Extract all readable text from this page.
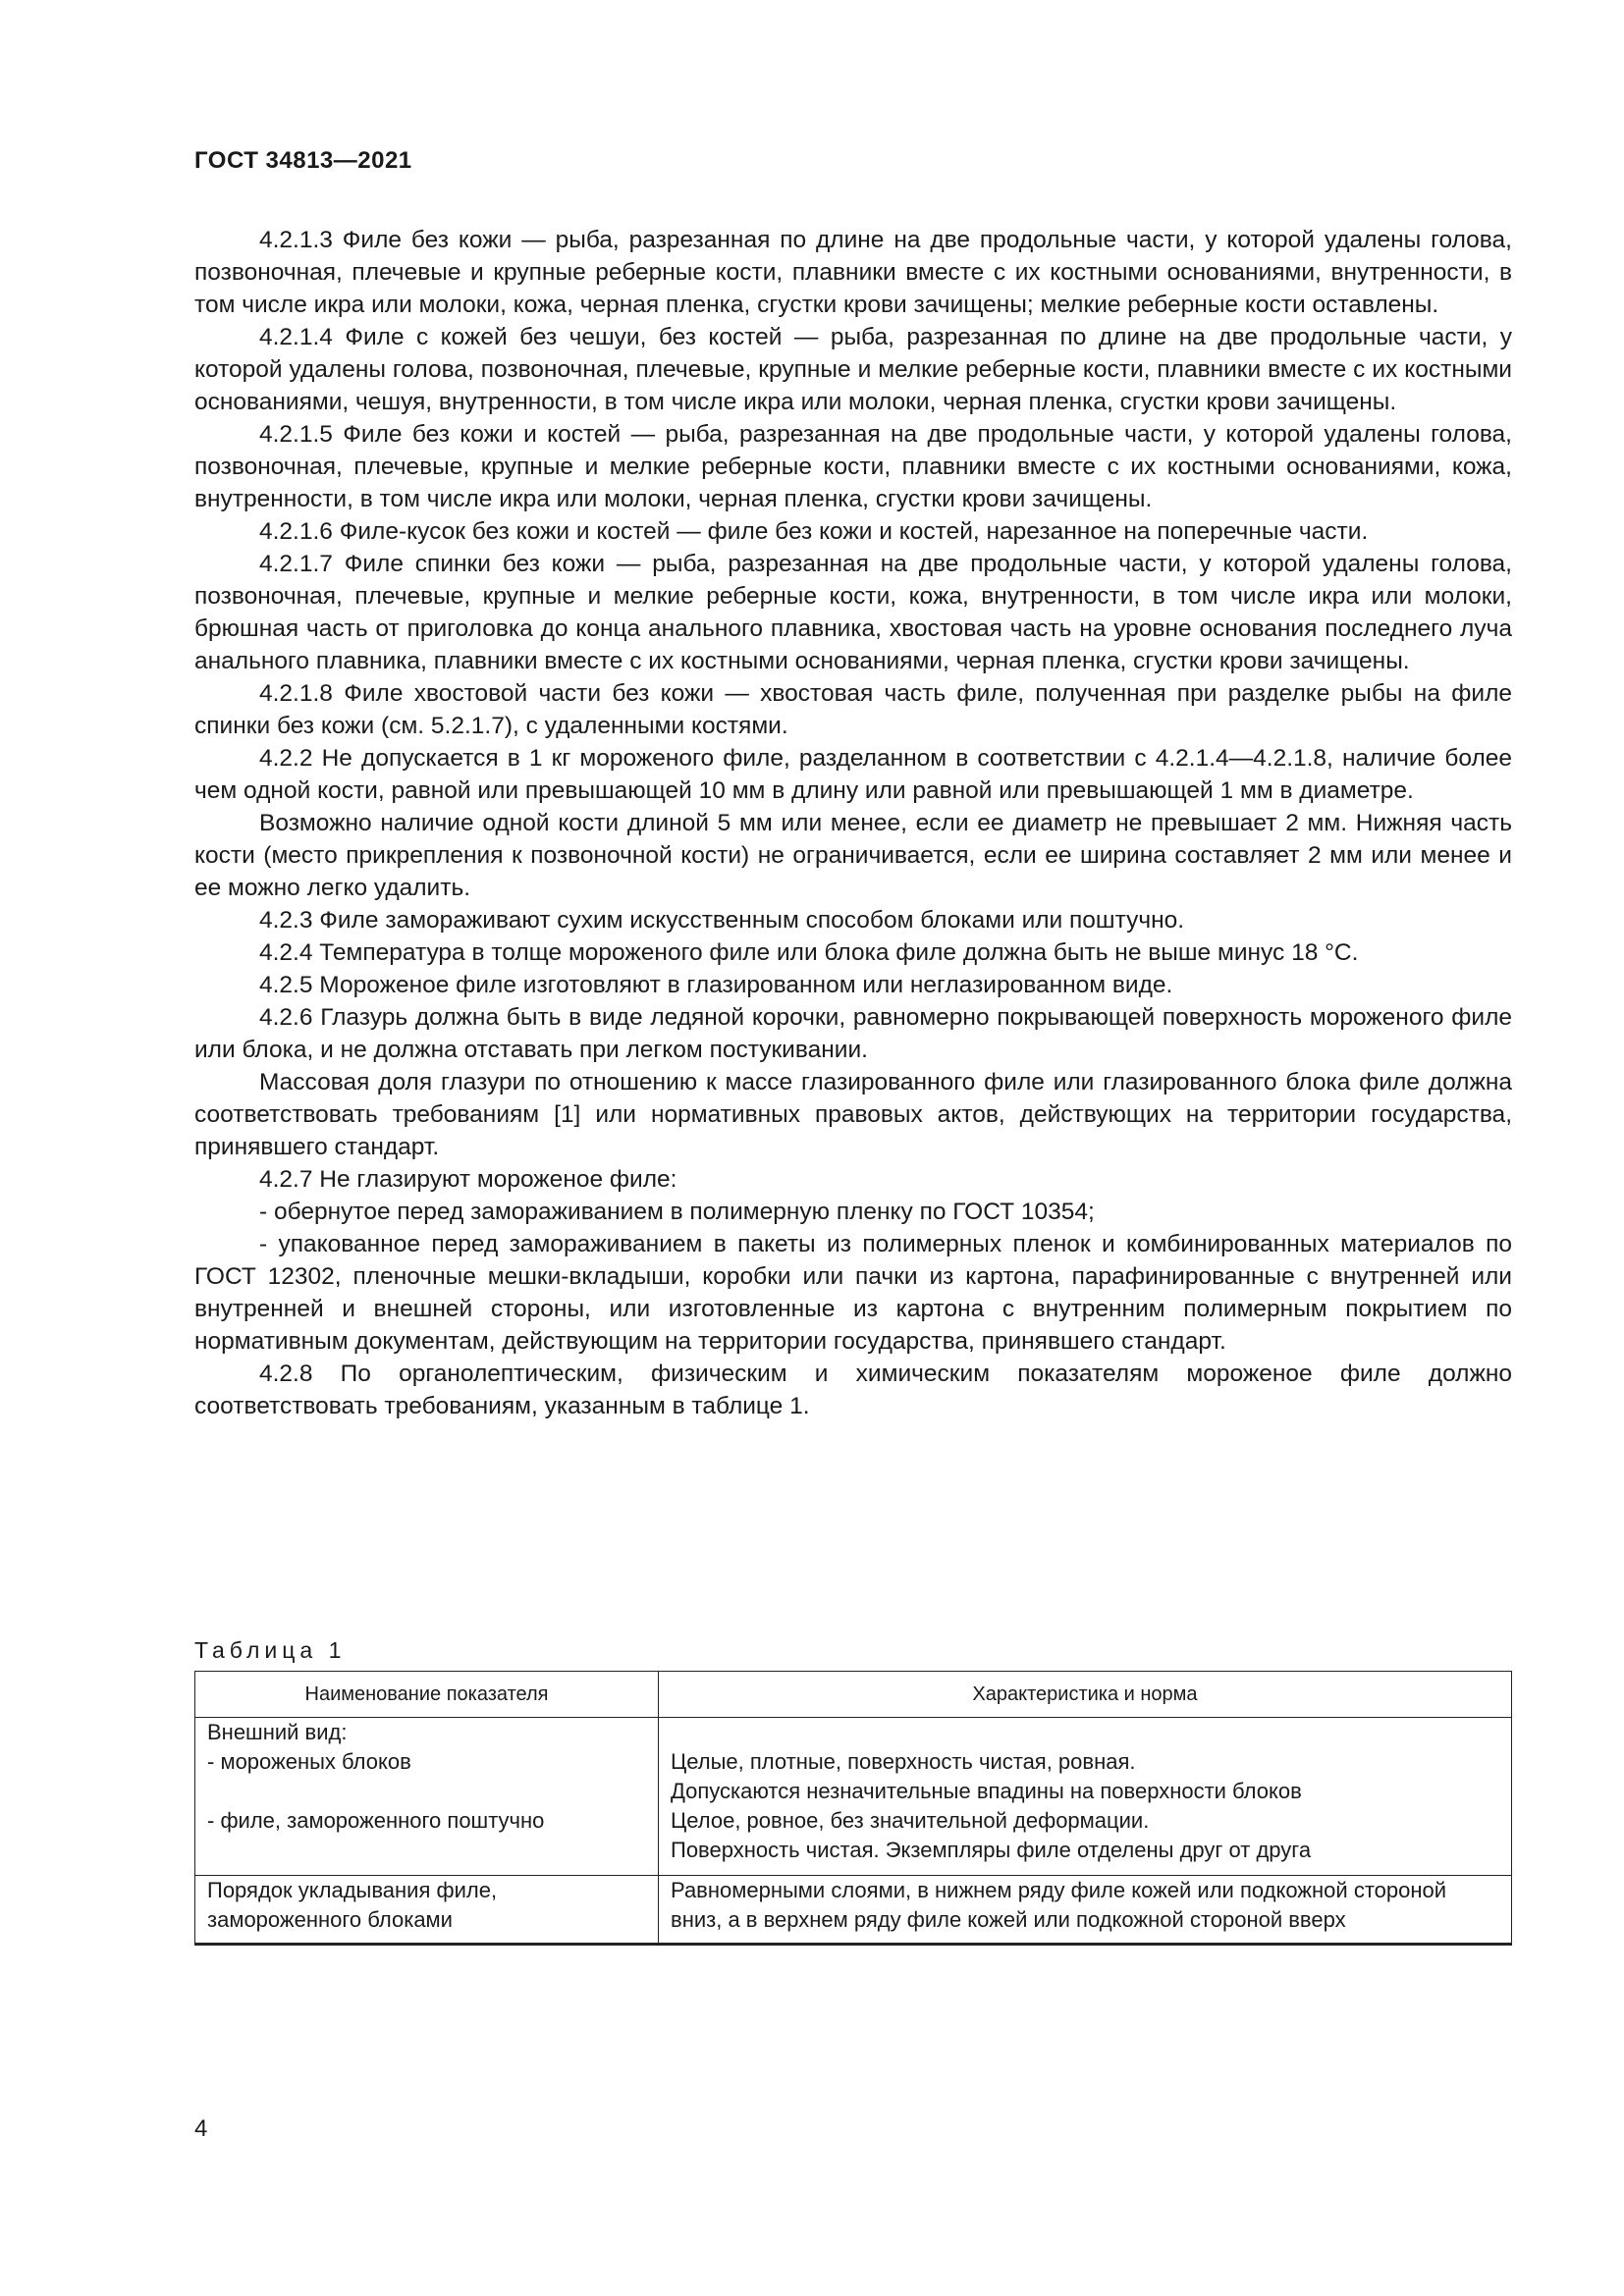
ГОСТ 34813—2021

4.2.1.3 Филе без кожи — рыба, разрезанная по длине на две продольные части, у которой удалены голова, позвоночная, плечевые и крупные реберные кости, плавники вместе с их костными основаниями, внутренности, в том числе икра или молоки, кожа, черная пленка, сгустки крови зачищены; мелкие реберные кости оставлены.

4.2.1.4 Филе с кожей без чешуи, без костей — рыба, разрезанная по длине на две продольные части, у которой удалены голова, позвоночная, плечевые, крупные и мелкие реберные кости, плавники вместе с их костными основаниями, чешуя, внутренности, в том числе икра или молоки, черная пленка, сгустки крови зачищены.

4.2.1.5 Филе без кожи и костей — рыба, разрезанная на две продольные части, у которой удалены голова, позвоночная, плечевые, крупные и мелкие реберные кости, плавники вместе с их костными основаниями, кожа, внутренности, в том числе икра или молоки, черная пленка, сгустки крови зачищены.

4.2.1.6 Филе-кусок без кожи и костей — филе без кожи и костей, нарезанное на поперечные части.

4.2.1.7 Филе спинки без кожи — рыба, разрезанная на две продольные части, у которой удалены голова, позвоночная, плечевые, крупные и мелкие реберные кости, кожа, внутренности, в том числе икра или молоки, брюшная часть от приголовка до конца анального плавника, хвостовая часть на уровне основания последнего луча анального плавника, плавники вместе с их костными основаниями, черная пленка, сгустки крови зачищены.

4.2.1.8 Филе хвостовой части без кожи — хвостовая часть филе, полученная при разделке рыбы на филе спинки без кожи (см. 5.2.1.7), с удаленными костями.

4.2.2 Не допускается в 1 кг мороженого филе, разделанном в соответствии с 4.2.1.4—4.2.1.8, наличие более чем одной кости, равной или превышающей 10 мм в длину или равной или превышающей 1 мм в диаметре.

Возможно наличие одной кости длиной 5 мм или менее, если ее диаметр не превышает 2 мм. Нижняя часть кости (место прикрепления к позвоночной кости) не ограничивается, если ее ширина составляет 2 мм или менее и ее можно легко удалить.

4.2.3 Филе замораживают сухим искусственным способом блоками или поштучно.

4.2.4 Температура в толще мороженого филе или блока филе должна быть не выше минус 18 °С.

4.2.5 Мороженое филе изготовляют в глазированном или неглазированном виде.

4.2.6 Глазурь должна быть в виде ледяной корочки, равномерно покрывающей поверхность мороженого филе или блока, и не должна отставать при легком постукивании.

Массовая доля глазури по отношению к массе глазированного филе или глазированного блока филе должна соответствовать требованиям [1] или нормативных правовых актов, действующих на территории государства, принявшего стандарт.

4.2.7 Не глазируют мороженое филе:

- обернутое перед замораживанием в полимерную пленку по ГОСТ 10354;

- упакованное перед замораживанием в пакеты из полимерных пленок и комбинированных материалов по ГОСТ 12302, пленочные мешки-вкладыши, коробки или пачки из картона, парафинированные с внутренней или внутренней и внешней стороны, или изготовленные из картона с внутренним полимерным покрытием по нормативным документам, действующим на территории государства, принявшего стандарт.

4.2.8 По органолептическим, физическим и химическим показателям мороженое филе должно соответствовать требованиям, указанным в таблице 1.

Таблица 1
Наименование показателя	Характеристика и норма
Внешний вид:	
- мороженых блоков	Целые, плотные, поверхность чистая, ровная.
Допускаются незначительные впадины на поверхности блоков

- филе, замороженного поштучно	Целое, ровное, без значительной деформации.
Поверхность чистая. Экземпляры филе отделены друг от друга

Порядок укладывания филе, замороженного блоками	Равномерными слоями, в нижнем ряду филе кожей или подкожной стороной вниз, а в верхнем ряду филе кожей или подкожной стороной вверх
4
